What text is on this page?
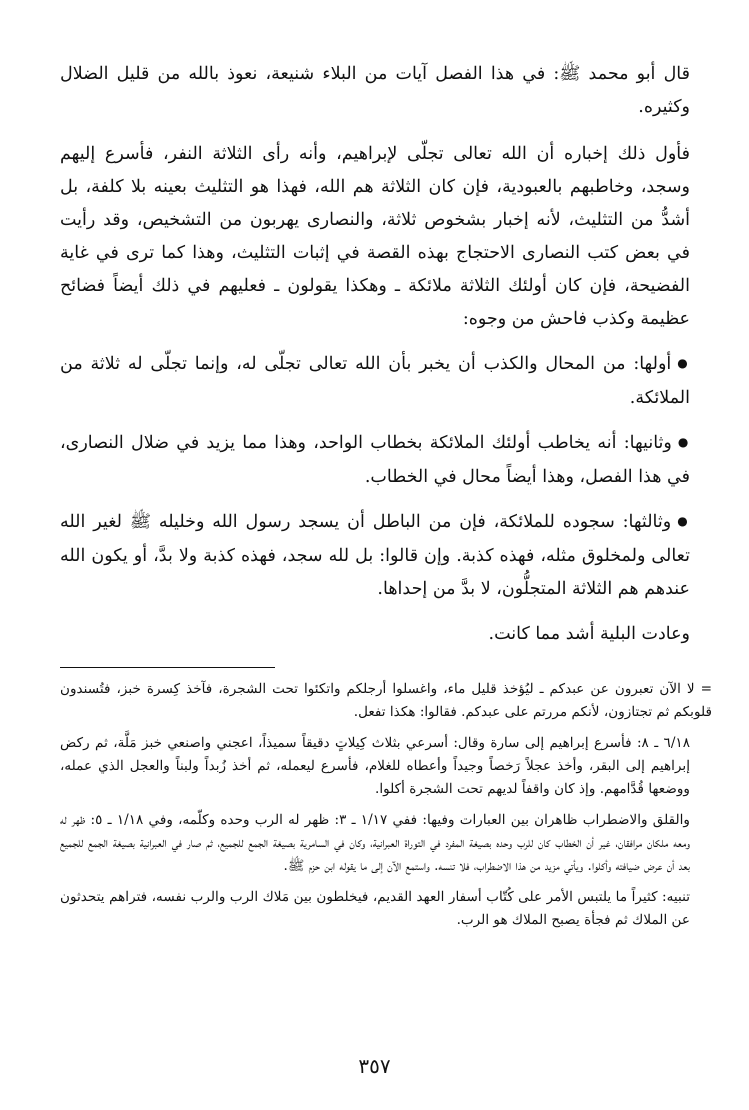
قال أبو محمد ﷺ: في هذا الفصل آيات من البلاء شنيعة، نعوذ بالله من قليل الضلال وكثيره.

فأول ذلك إخباره أن الله تعالى تجلّى لإبراهيم، وأنه رأى الثلاثة النفر، فأسرع إليهم وسجد، وخاطبهم بالعبودية، فإن كان الثلاثة هم الله، فهذا هو التثليث بعينه بلا كلفة، بل أشدُّ من التثليث، لأنه إخبار بشخوص ثلاثة، والنصارى يهربون من التشخيص، وقد رأيت في بعض كتب النصارى الاحتجاج بهذه القصة في إثبات التثليث، وهذا كما ترى في غاية الفضيحة، فإن كان أولئك الثلاثة ملائكة ـ وهكذا يقولون ـ فعليهم في ذلك أيضاً فضائح عظيمة وكذب فاحش من وجوه:

● أولها: من المحال والكذب أن يخبر بأن الله تعالى تجلّى له، وإنما تجلّى له ثلاثة من الملائكة.

● وثانيها: أنه يخاطب أولئك الملائكة بخطاب الواحد، وهذا مما يزيد في ضلال النصارى، في هذا الفصل، وهذا أيضاً محال في الخطاب.

● وثالثها: سجوده للملائكة، فإن من الباطل أن يسجد رسول الله وخليله ﷺ لغير الله تعالى ولمخلوق مثله، فهذه كذبة. وإن قالوا: بل لله سجد، فهذه كذبة ولا بدَّ، أو يكون الله عندهم هم الثلاثة المتجلُّون، لا بدَّ من إحداها.

وعادت البلية أشد مما كانت.

= لا الآن تعبرون عن عبدكم ـ ليُؤخذ قليل ماء، واغسلوا أرجلكم واتكئوا تحت الشجرة، فآخذ كِسرة خبز، فتُسندون قلوبكم ثم تجتازون، لأنكم مررتم على عبدكم. فقالوا: هكذا تفعل.

٦/١٨ ـ ٨: فأسرع إبراهيم إلى سارة وقال: أسرعي بثلاث كِيلاتٍ دقيقاً سميذاً، اعجني واصنعي خبز مَلَّة، ثم ركض إبراهيم إلى البقر، وأخذ عجلاً رَخصاً وجيداً وأعطاه للغلام، فأسرع ليعمله، ثم أخذ زُبداً ولبناً والعجل الذي عمله، ووضعها قُدَّامهم. وإذ كان واقفاً لديهم تحت الشجرة أكلوا.

والقلق والاضطراب ظاهران بين العبارات وفيها: ففي ١/١٧ ـ ٣: ظهر له الرب وحده وكلّمه، وفي ١/١٨ ـ ٥: ظهر له ومعه ملكان مرافقان، غير أن الخطاب كان للرب وحده بصيغة المفرد في التوراة العبرانية، وكان في السامرية بصيغة الجمع للجميع، ثم صار في العبرانية بصيغة الجمع للجميع بعد أن عرض ضيافته وأكلوا. ويأتي مزيد من هذا الاضطراب، فلا تنسه. واستمع الآن إلى ما يقوله ابن حزم ﷺ.

تنبيه: كثيراً ما يلتبس الأمر على كُتّاب أسفار العهد القديم، فيخلطون بين مَلاك الرب والرب نفسه، فتراهم يتحدثون عن الملاك ثم فجأة يصبح الملاك هو الرب.

٣٥٧
